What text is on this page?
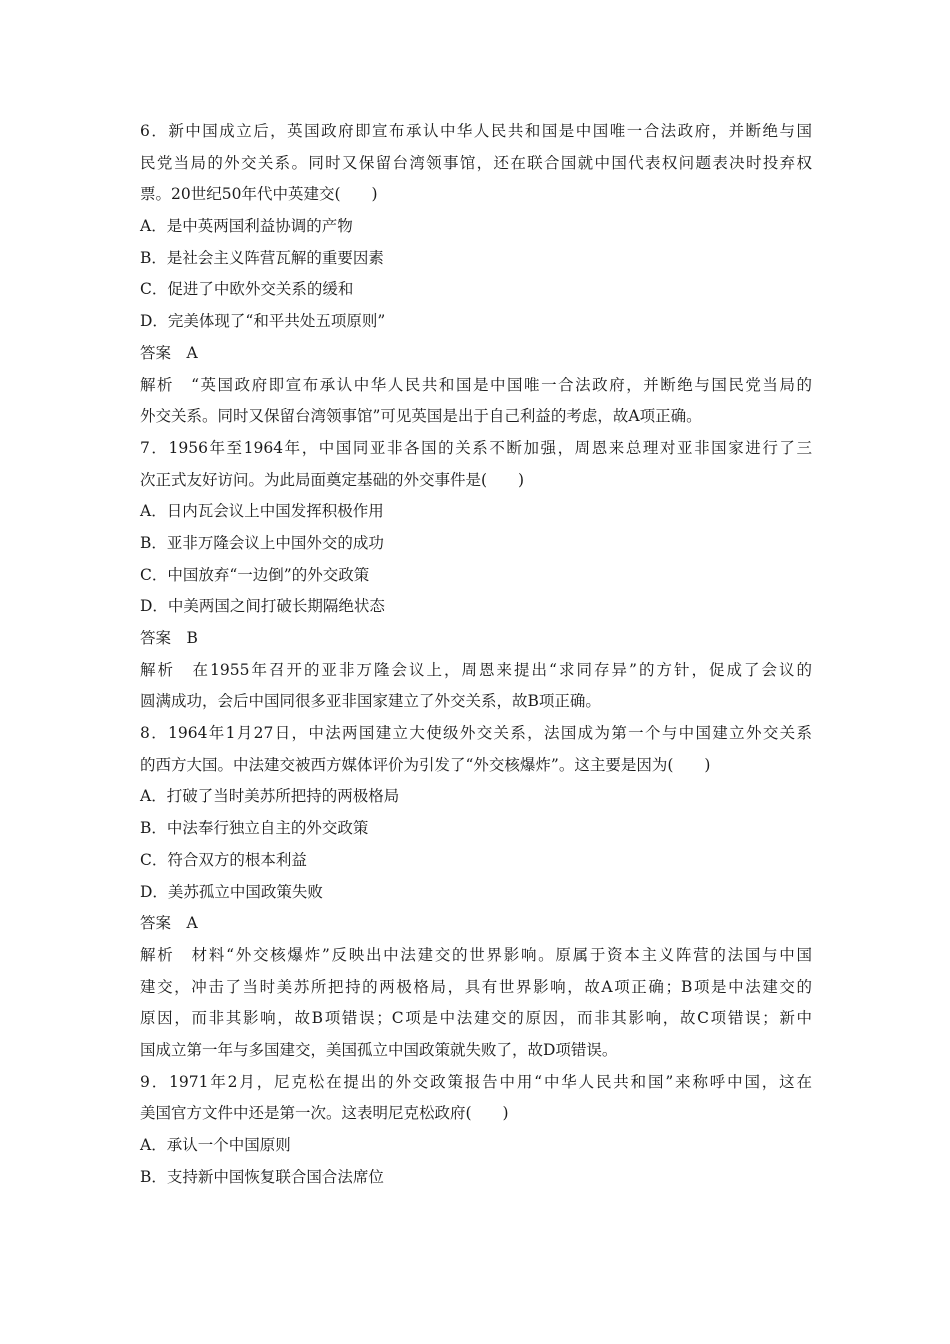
6．新中国成立后，英国政府即宣布承认中华人民共和国是中国唯一合法政府，并断绝与国
民党当局的外交关系。同时又保留台湾领事馆，还在联合国就中国代表权问题表决时投弃权
票。20世纪50年代中英建交(　　)
A．是中英两国利益协调的产物
B．是社会主义阵营瓦解的重要因素
C．促进了中欧外交关系的缓和
D．完美体现了“和平共处五项原则”
答案　A
解析　“英国政府即宣布承认中华人民共和国是中国唯一合法政府，并断绝与国民党当局的
外交关系。同时又保留台湾领事馆”可见英国是出于自己利益的考虑，故A项正确。
7．1956年至1964年，中国同亚非各国的关系不断加强，周恩来总理对亚非国家进行了三
次正式友好访问。为此局面奠定基础的外交事件是(　　)
A．日内瓦会议上中国发挥积极作用
B．亚非万隆会议上中国外交的成功
C．中国放弃“一边倒”的外交政策
D．中美两国之间打破长期隔绝状态
答案　B
解析　在1955年召开的亚非万隆会议上，周恩来提出“求同存异”的方针，促成了会议的
圆满成功，会后中国同很多亚非国家建立了外交关系，故B项正确。
8．1964年1月27日，中法两国建立大使级外交关系，法国成为第一个与中国建立外交关系
的西方大国。中法建交被西方媒体评价为引发了“外交核爆炸”。这主要是因为(　　)
A．打破了当时美苏所把持的两极格局
B．中法奉行独立自主的外交政策
C．符合双方的根本利益
D．美苏孤立中国政策失败
答案　A
解析　材料“外交核爆炸”反映出中法建交的世界影响。原属于资本主义阵营的法国与中国
建交，冲击了当时美苏所把持的两极格局，具有世界影响，故A项正确；B项是中法建交的
原因，而非其影响，故B项错误；C项是中法建交的原因，而非其影响，故C项错误；新中
国成立第一年与多国建交，美国孤立中国政策就失败了，故D项错误。
9．1971年2月，尼克松在提出的外交政策报告中用“中华人民共和国”来称呼中国，这在
美国官方文件中还是第一次。这表明尼克松政府(　　)
A．承认一个中国原则
B．支持新中国恢复联合国合法席位
